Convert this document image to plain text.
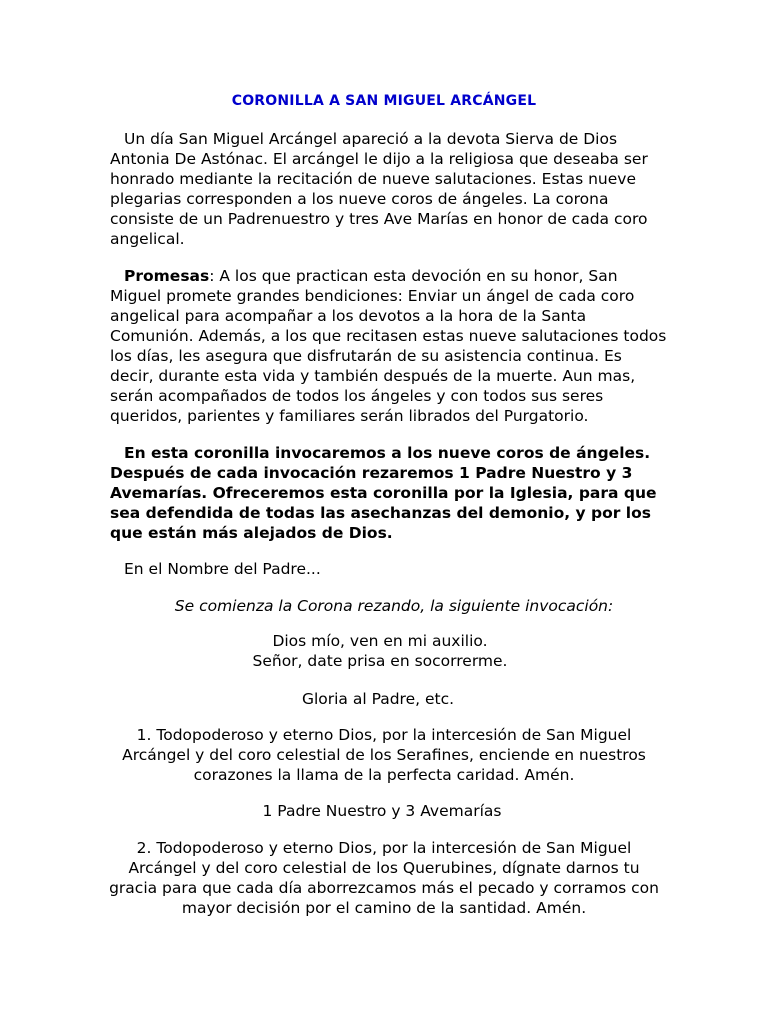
CORONILLA A SAN MIGUEL ARCÁNGEL

Un día San Miguel Arcángel apareció a la devota Sierva de Dios Antonia De Astónac. El arcángel le dijo a la religiosa que deseaba ser honrado mediante la recitación de nueve salutaciones. Estas nueve plegarias corresponden a los nueve coros de ángeles. La corona consiste de un Padrenuestro y tres Ave Marías en honor de cada coro angelical.

Promesas: A los que practican esta devoción en su honor, San Miguel promete grandes bendiciones: Enviar un ángel de cada coro angelical para acompañar a los devotos a la hora de la Santa Comunión. Además, a los que recitasen estas nueve salutaciones todos los días, les asegura que disfrutarán de su asistencia continua. Es decir, durante esta vida y también después de la muerte. Aun mas, serán acompañados de todos los ángeles y con todos sus seres queridos, parientes y familiares serán librados del Purgatorio.

En esta coronilla invocaremos a los nueve coros de ángeles. Después de cada invocación rezaremos 1 Padre Nuestro y 3 Avemarías. Ofreceremos esta coronilla por la Iglesia, para que sea defendida de todas las asechanzas del demonio, y por los que están más alejados de Dios.

En el Nombre del Padre...

Se comienza la Corona rezando, la siguiente invocación:

Dios mío, ven en mi auxilio.

Señor, date prisa en socorrerme.

Gloria al Padre, etc.

1. Todopoderoso y eterno Dios, por la intercesión de San Miguel Arcángel y del coro celestial de los Serafines, enciende en nuestros corazones la llama de la perfecta caridad. Amén.

1 Padre Nuestro y 3 Avemarías

2. Todopoderoso y eterno Dios, por la intercesión de San Miguel Arcángel y del coro celestial de los Querubines, dígnate darnos tu gracia para que cada día aborrezcamos más el pecado y corramos con mayor decisión por el camino de la santidad. Amén.
